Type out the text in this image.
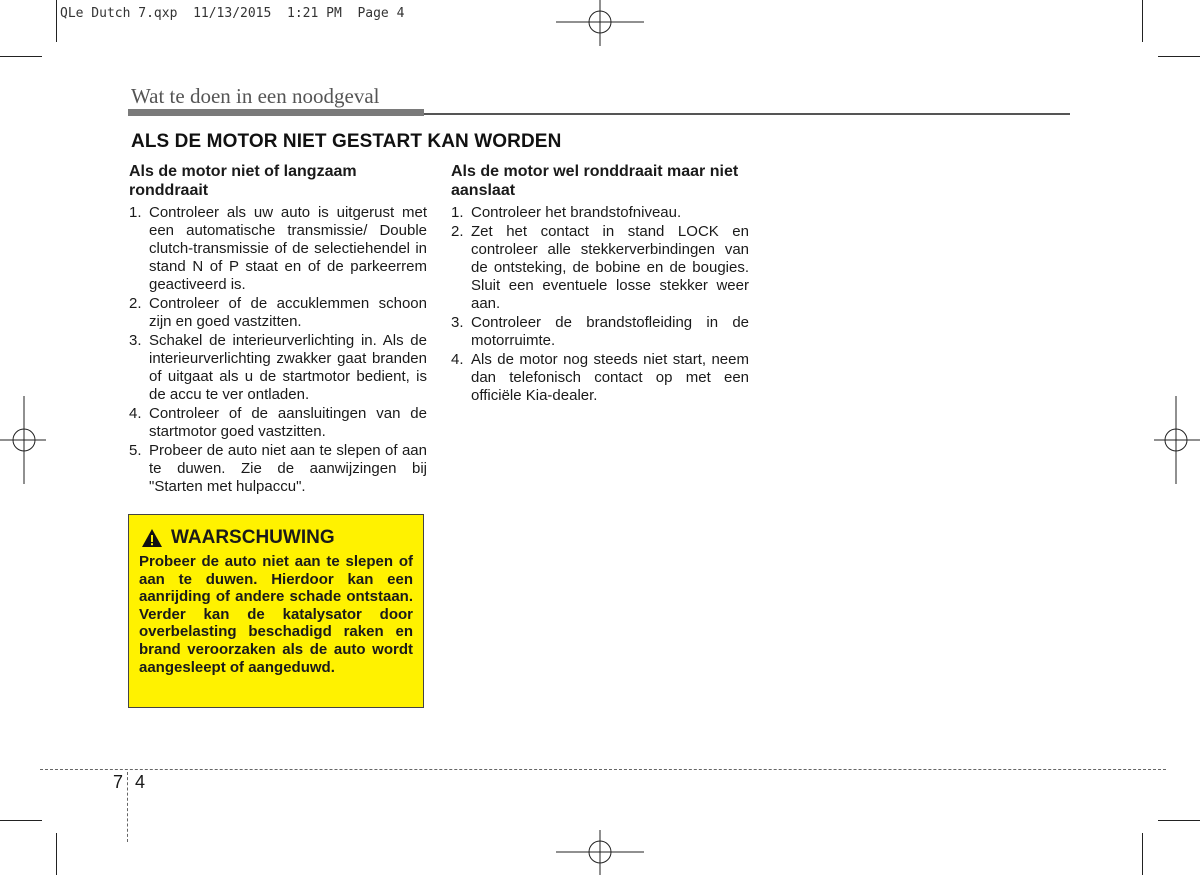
QLe Dutch 7.qxp 11/13/2015 1:21 PM Page 4
Wat te doen in een noodgeval
ALS DE MOTOR NIET GESTART KAN WORDEN
Als de motor niet of langzaam ronddraait
1. Controleer als uw auto is uitgerust met een automatische transmissie/ Double clutch-transmissie of de selectiehendel in stand N of P staat en of de parkeerrem geactiveerd is.
2. Controleer of de accuklemmen schoon zijn en goed vastzitten.
3. Schakel de interieurverlichting in. Als de interieurverlichting zwakker gaat branden of uitgaat als u de startmotor bedient, is de accu te ver ontladen.
4. Controleer of de aansluitingen van de startmotor goed vastzitten.
5. Probeer de auto niet aan te slepen of aan te duwen. Zie de aanwijzingen bij "Starten met hulpaccu".
Als de motor wel ronddraait maar niet aanslaat
1. Controleer het brandstofniveau.
2. Zet het contact in stand LOCK en controleer alle stekkerverbindingen van de ontsteking, de bobine en de bougies. Sluit een eventuele losse stekker weer aan.
3. Controleer de brandstofleiding in de motorruimte.
4. Als de motor nog steeds niet start, neem dan telefonisch contact op met een officiële Kia-dealer.
WAARSCHUWING
Probeer de auto niet aan te slepen of aan te duwen. Hierdoor kan een aanrijding of andere schade ontstaan. Verder kan de katalysator door overbelasting beschadigd raken en brand veroorzaken als de auto wordt aangesleept of aangeduwd.
7 4
